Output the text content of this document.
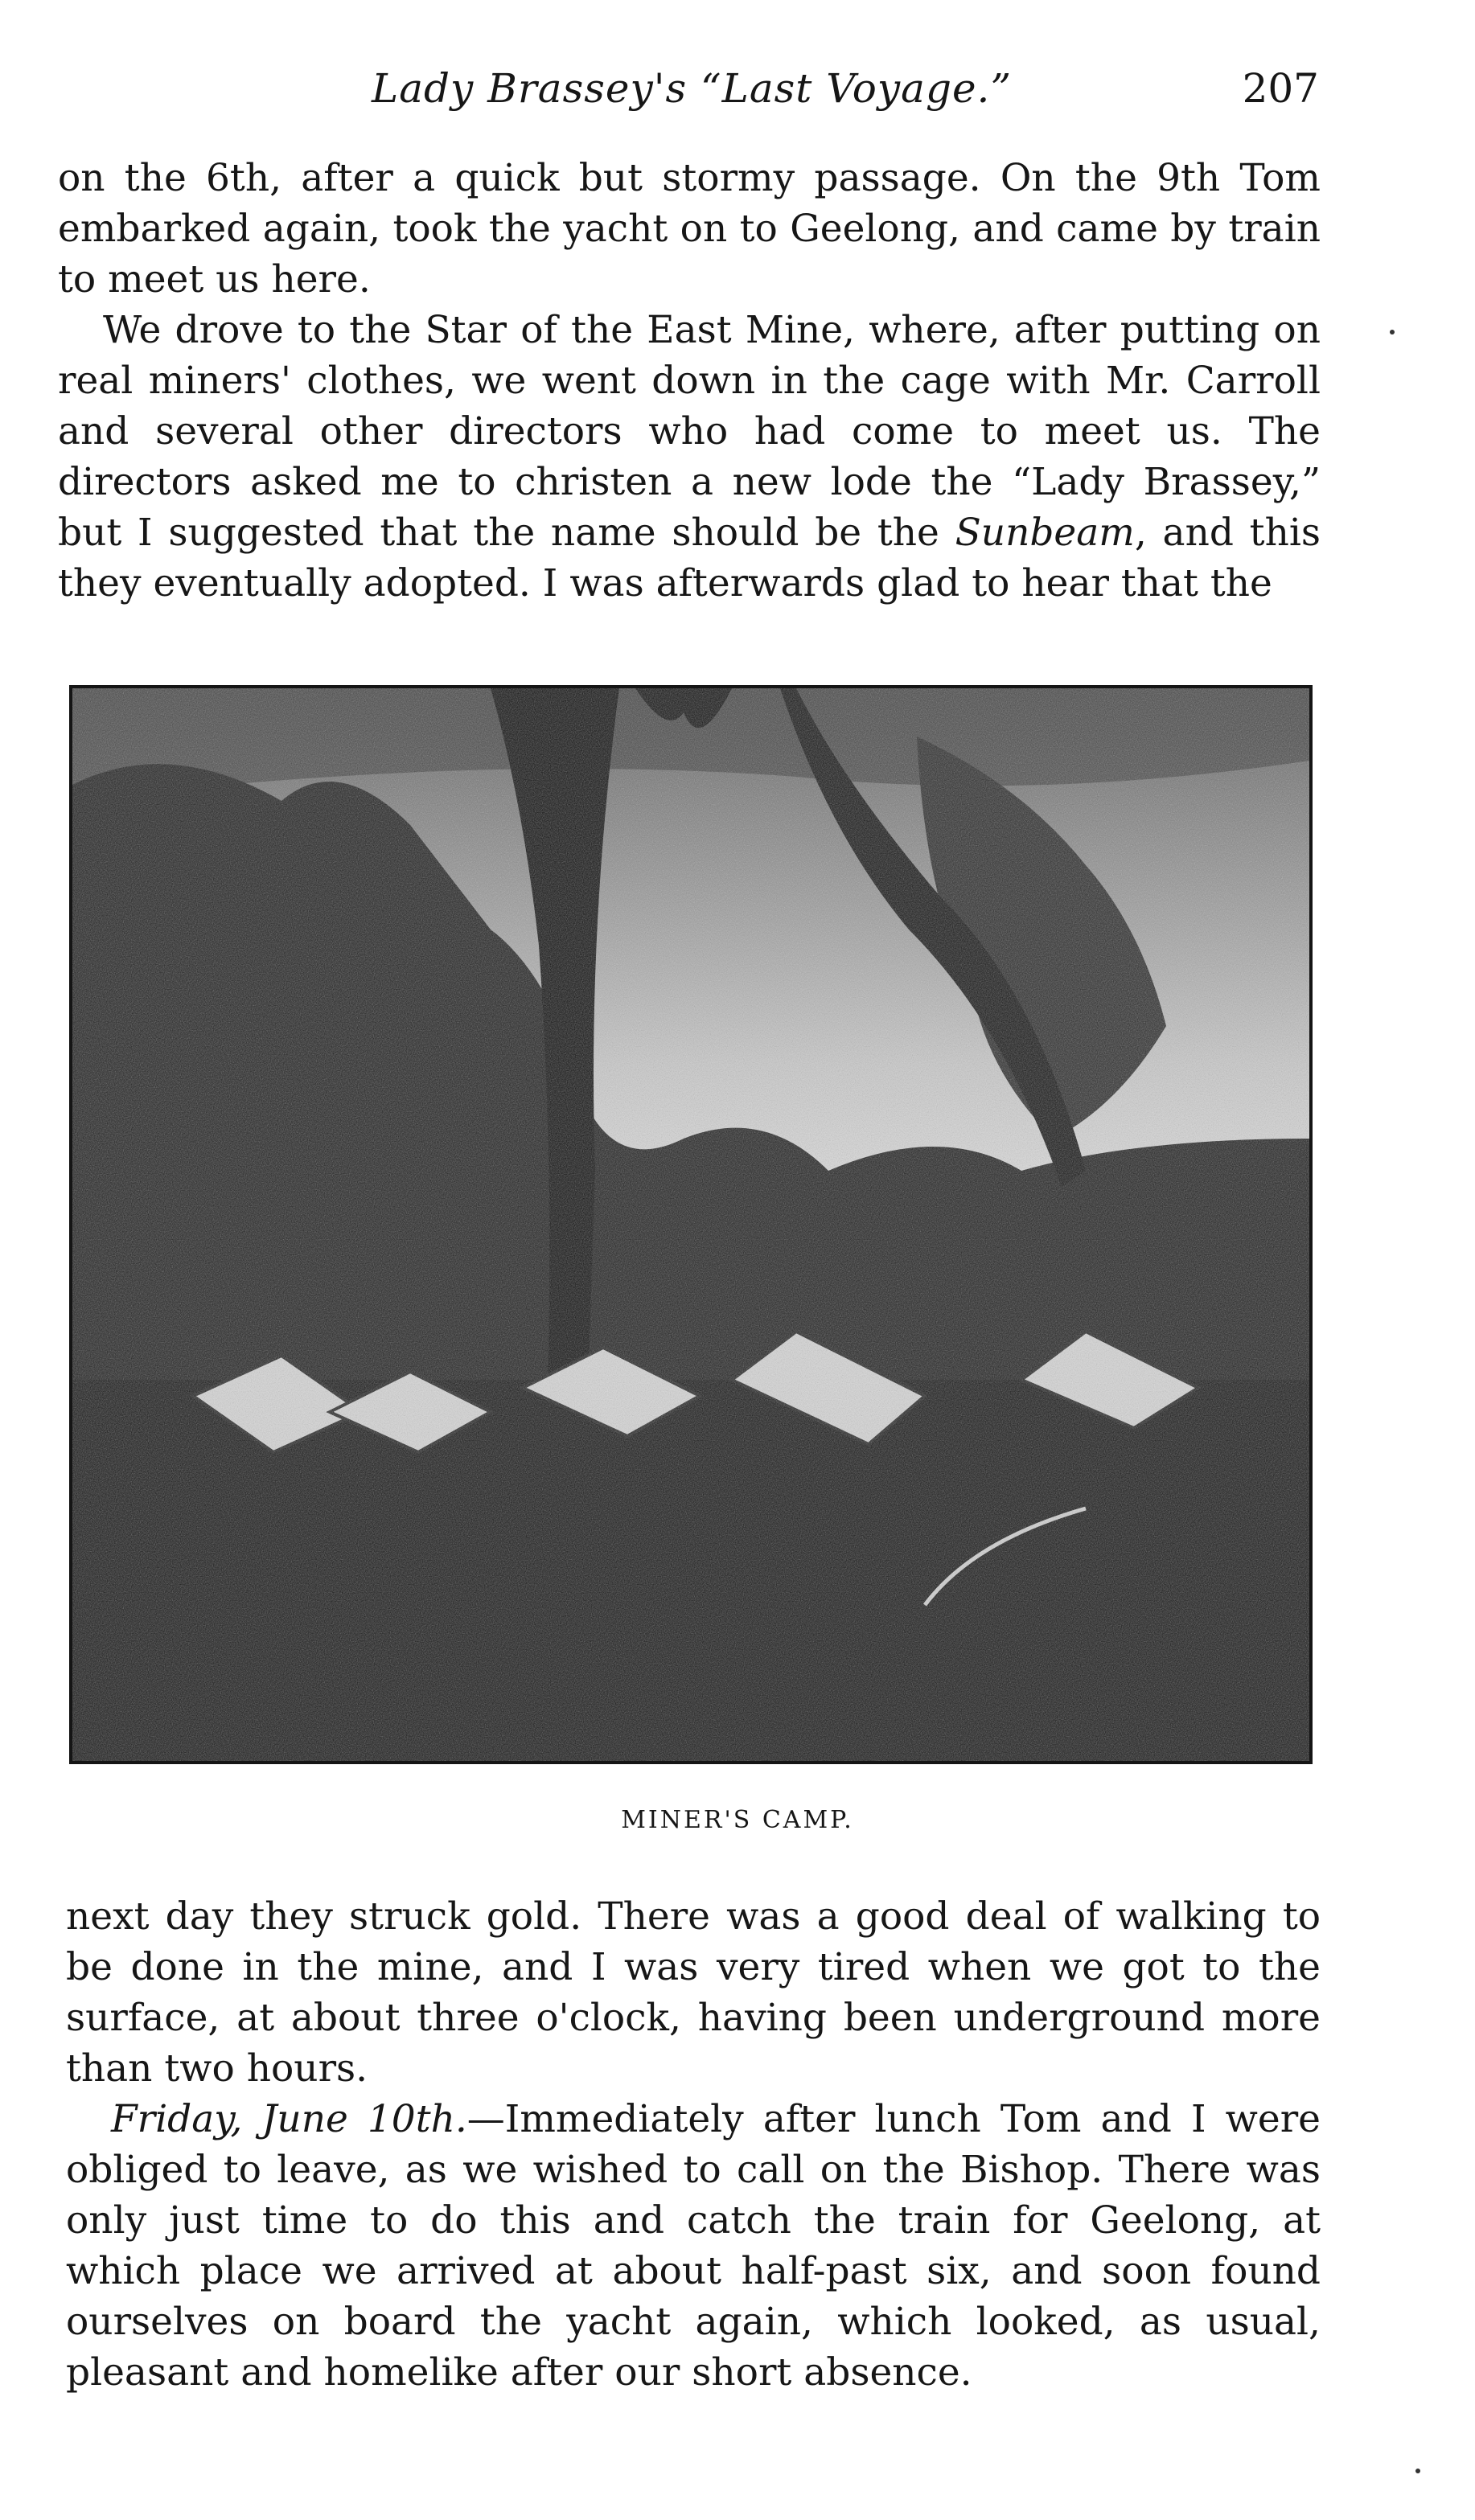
Lady Brassey's “Last Voyage.”	207

on the 6th, after a quick but stormy passage. On the 9th Tom embarked again, took the yacht on to Geelong, and came by train to meet us here.

We drove to the Star of the East Mine, where, after putting on real miners' clothes, we went down in the cage with Mr. Carroll and several other directors who had come to meet us. The directors asked me to christen a new lode the “Lady Brassey,” but I suggested that the name should be the Sunbeam, and this they eventually adopted. I was afterwards glad to hear that the

MINER'S CAMP.

next day they struck gold. There was a good deal of walking to be done in the mine, and I was very tired when we got to the surface, at about three o'clock, having been underground more than two hours.

Friday, June 10th.—Immediately after lunch Tom and I were obliged to leave, as we wished to call on the Bishop. There was only just time to do this and catch the train for Geelong, at which place we arrived at about half-past six, and soon found ourselves on board the yacht again, which looked, as usual, pleasant and homelike after our short absence.
